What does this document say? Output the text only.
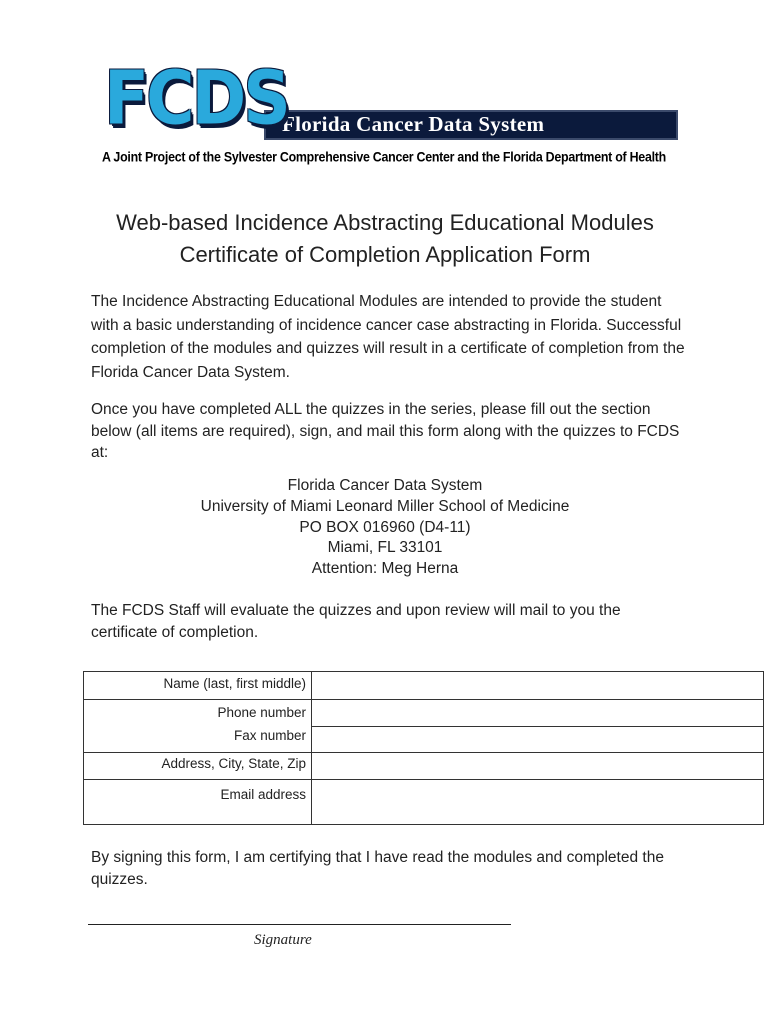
Florida Cancer Data System
FCDS
A Joint Project of the Sylvester Comprehensive Cancer Center and the Florida Department of Health
Web-based Incidence Abstracting Educational Modules
Certificate of Completion Application Form
The Incidence Abstracting Educational Modules are intended to provide the student with a basic understanding of incidence cancer case abstracting in Florida. Successful completion of the modules and quizzes will result in a certificate of completion from the Florida Cancer Data System.
Once you have completed ALL the quizzes in the series, please fill out the section below (all items are required), sign, and mail this form along with the quizzes to FCDS at:
Florida Cancer Data System
University of Miami Leonard Miller School of Medicine
PO BOX 016960 (D4-11)
Miami, FL 33101
Attention: Meg Herna
The FCDS Staff will evaluate the quizzes and upon review will mail to you the certificate of completion.
Name (last, first middle)
Phone number
Fax number
Address, City, State, Zip
Email address
By signing this form, I am certifying that I have read the modules and completed the quizzes.
Signature
